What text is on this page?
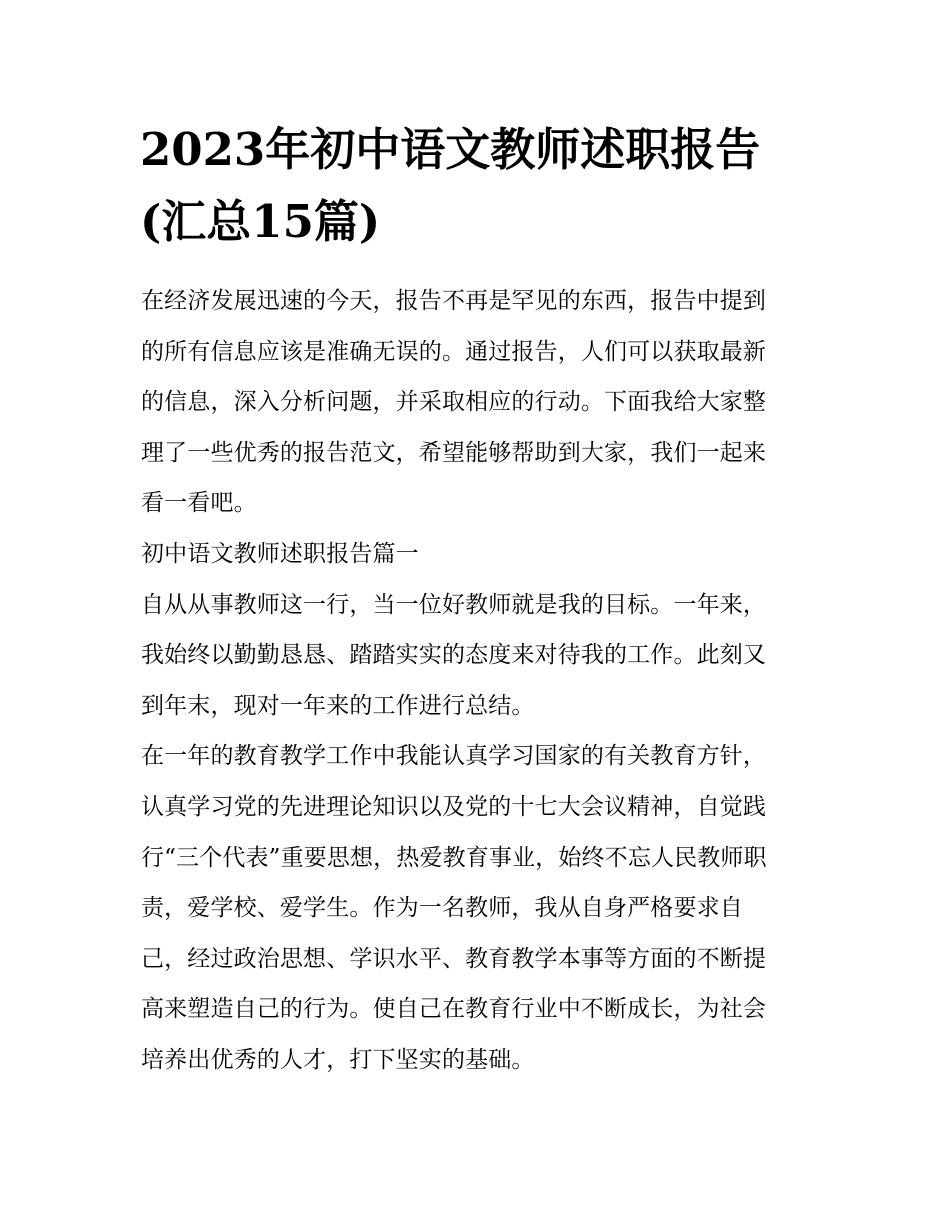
2023年初中语文教师述职报告
(汇总15篇)

在经济发展迅速的今天，报告不再是罕见的东西，报告中提到

的所有信息应该是准确无误的。通过报告，人们可以获取最新

的信息，深入分析问题，并采取相应的行动。下面我给大家整

理了一些优秀的报告范文，希望能够帮助到大家，我们一起来

看一看吧。

初中语文教师述职报告篇一

自从从事教师这一行，当一位好教师就是我的目标。一年来，

我始终以勤勤恳恳、踏踏实实的态度来对待我的工作。此刻又

到年末，现对一年来的工作进行总结。

在一年的教育教学工作中我能认真学习国家的有关教育方针，

认真学习党的先进理论知识以及党的十七大会议精神，自觉践

行“三个代表”重要思想，热爱教育事业，始终不忘人民教师职

责，爱学校、爱学生。作为一名教师，我从自身严格要求自

己，经过政治思想、学识水平、教育教学本事等方面的不断提

高来塑造自己的行为。使自己在教育行业中不断成长，为社会

培养出优秀的人才，打下坚实的基础。
